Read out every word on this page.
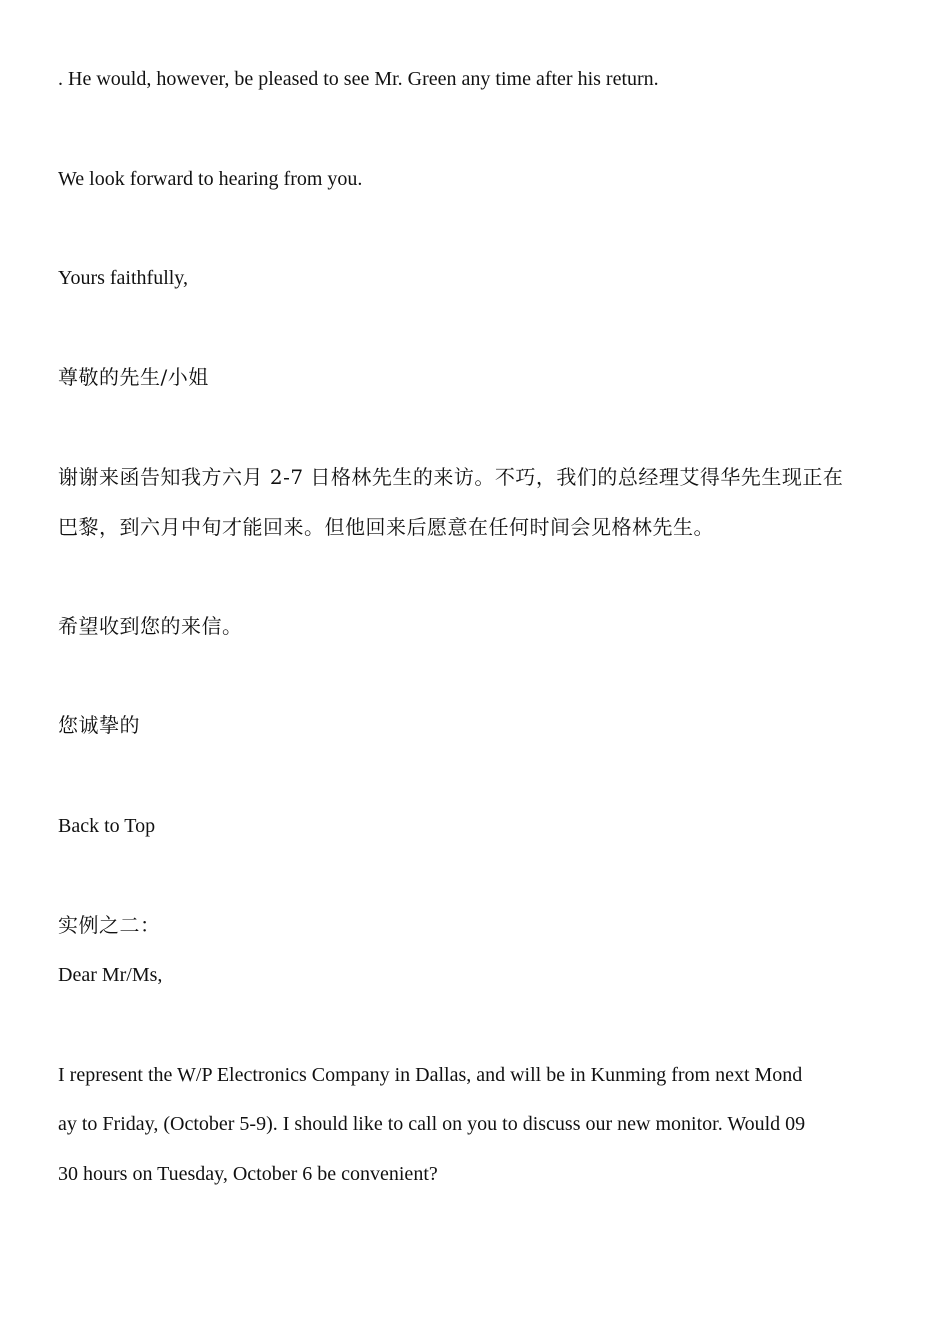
. He would, however, be pleased to see Mr. Green any time after his return.
We look forward to hearing from you.
Yours faithfully,
尊敬的先生/小姐
谢谢来函告知我方六月 2-7 日格林先生的来访。不巧，我们的总经理艾得华先生现正在
巴黎，到六月中旬才能回来。但他回来后愿意在任何时间会见格林先生。
希望收到您的来信。
您诚挚的
Back to Top
实例之二：
Dear Mr/Ms,
I represent the W/P Electronics Company in Dallas, and will be in Kunming from next Mond
ay to Friday, (October 5-9). I should like to call on you to discuss our new monitor. Would 09
30 hours on Tuesday, October 6 be convenient?
